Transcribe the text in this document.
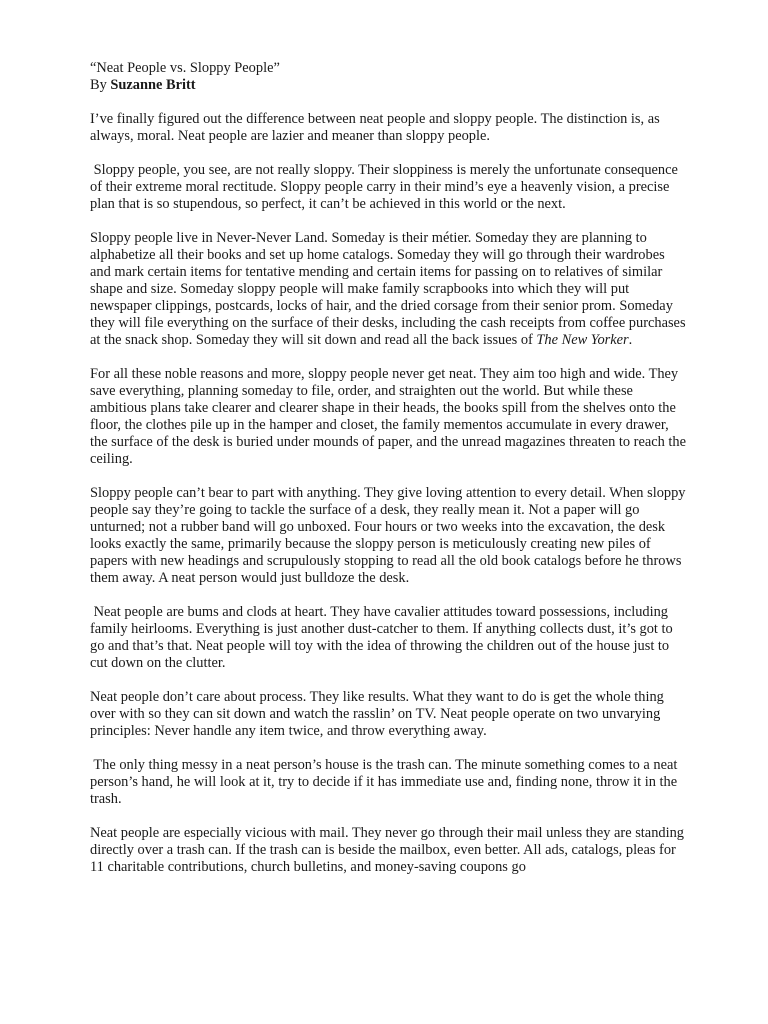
“Neat People vs. Sloppy People”
By Suzanne Britt

I’ve finally figured out the difference between neat people and sloppy people. The distinction is, as always, moral. Neat people are lazier and meaner than sloppy people.

Sloppy people, you see, are not really sloppy. Their sloppiness is merely the unfortunate consequence of their extreme moral rectitude. Sloppy people carry in their mind’s eye a heavenly vision, a precise plan that is so stupendous, so perfect, it can’t be achieved in this world or the next.

Sloppy people live in Never-Never Land. Someday is their métier. Someday they are planning to alphabetize all their books and set up home catalogs. Someday they will go through their wardrobes and mark certain items for tentative mending and certain items for passing on to relatives of similar shape and size. Someday sloppy people will make family scrapbooks into which they will put newspaper clippings, postcards, locks of hair, and the dried corsage from their senior prom. Someday they will file everything on the surface of their desks, including the cash receipts from coffee purchases at the snack shop. Someday they will sit down and read all the back issues of The New Yorker.

For all these noble reasons and more, sloppy people never get neat. They aim too high and wide. They save everything, planning someday to file, order, and straighten out the world. But while these ambitious plans take clearer and clearer shape in their heads, the books spill from the shelves onto the floor, the clothes pile up in the hamper and closet, the family mementos accumulate in every drawer, the surface of the desk is buried under mounds of paper, and the unread magazines threaten to reach the ceiling.

Sloppy people can’t bear to part with anything. They give loving attention to every detail. When sloppy people say they’re going to tackle the surface of a desk, they really mean it. Not a paper will go unturned; not a rubber band will go unboxed. Four hours or two weeks into the excavation, the desk looks exactly the same, primarily because the sloppy person is meticulously creating new piles of papers with new headings and scrupulously stopping to read all the old book catalogs before he throws them away. A neat person would just bulldoze the desk.

Neat people are bums and clods at heart. They have cavalier attitudes toward possessions, including family heirlooms. Everything is just another dust-catcher to them. If anything collects dust, it’s got to go and that’s that. Neat people will toy with the idea of throwing the children out of the house just to cut down on the clutter.

Neat people don’t care about process. They like results. What they want to do is get the whole thing over with so they can sit down and watch the rasslin’ on TV. Neat people operate on two unvarying principles: Never handle any item twice, and throw everything away.

The only thing messy in a neat person’s house is the trash can. The minute something comes to a neat person’s hand, he will look at it, try to decide if it has immediate use and, finding none, throw it in the trash.

Neat people are especially vicious with mail. They never go through their mail unless they are standing directly over a trash can. If the trash can is beside the mailbox, even better. All ads, catalogs, pleas for 11 charitable contributions, church bulletins, and money-saving coupons go
